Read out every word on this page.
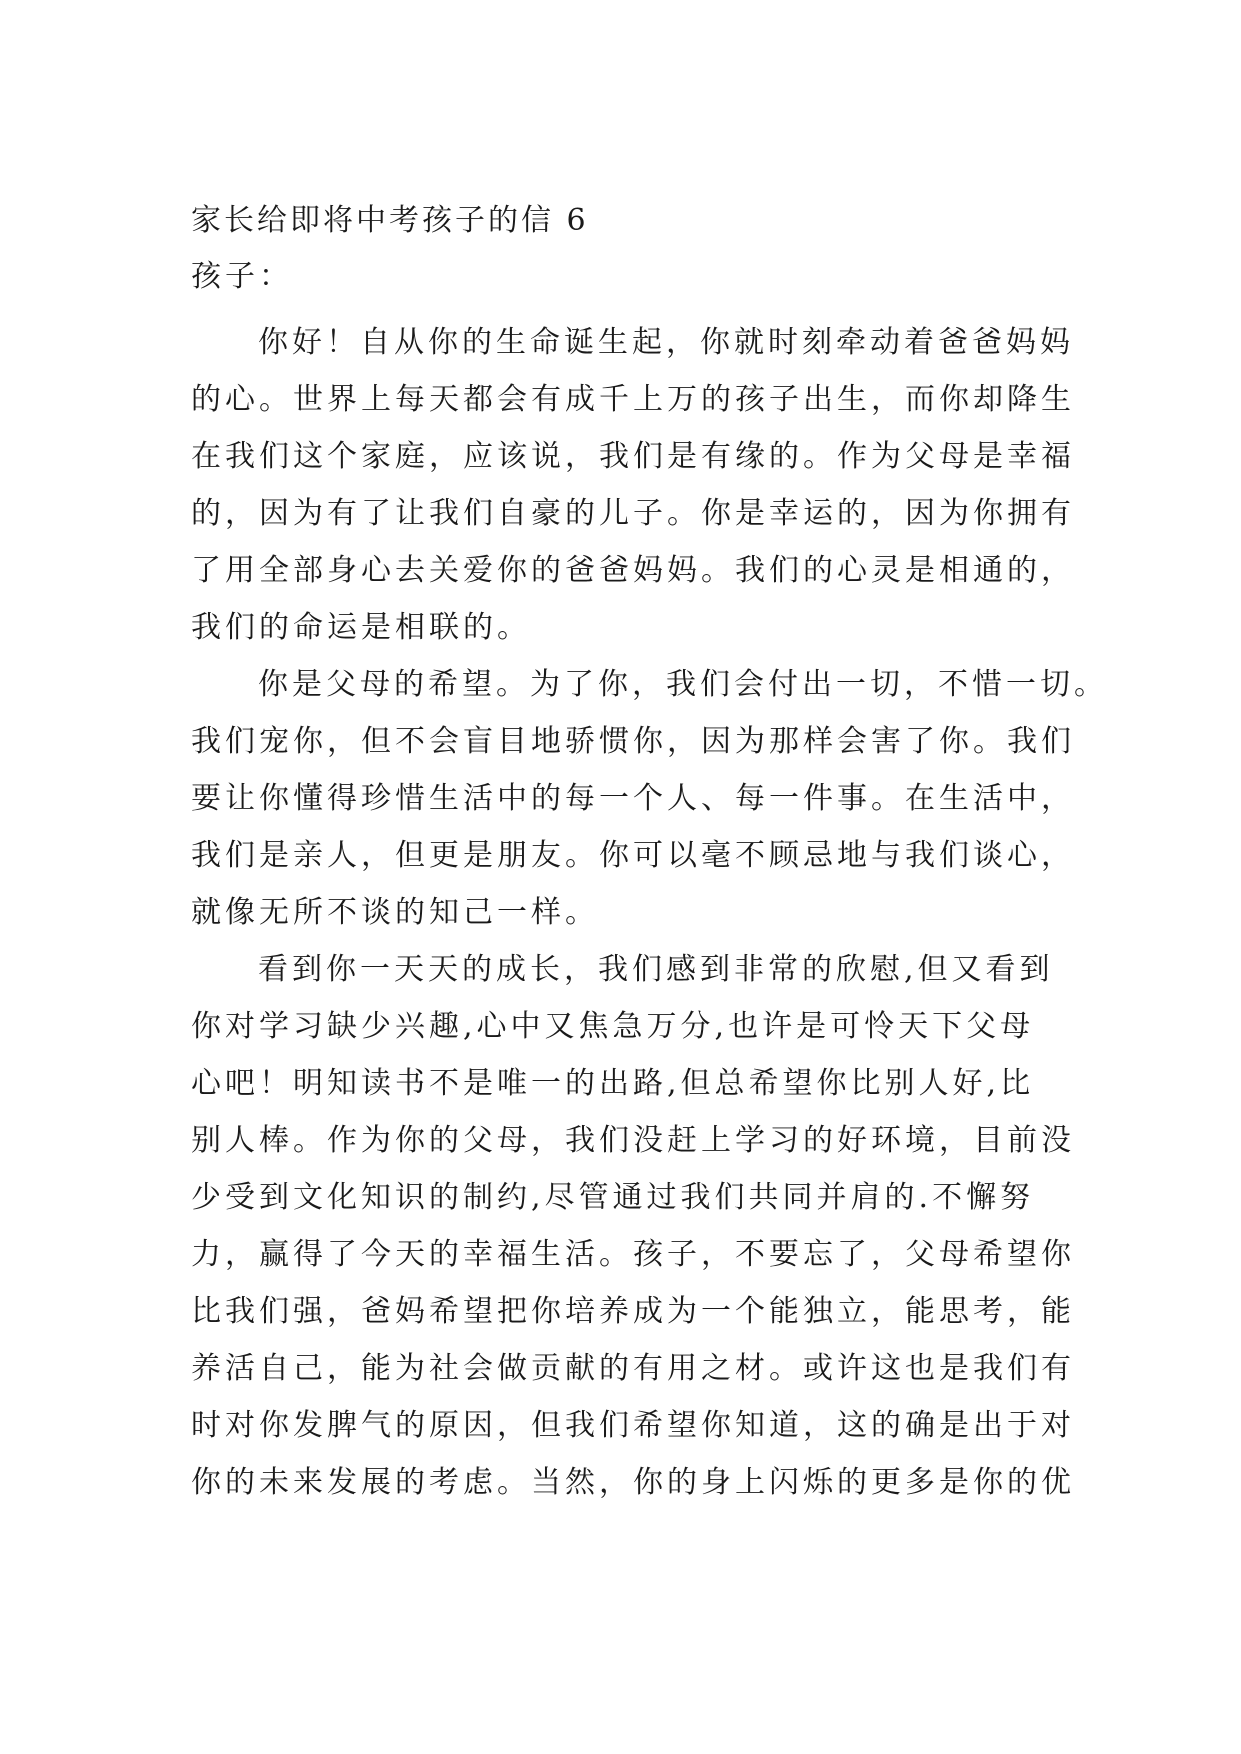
家长给即将中考孩子的信 6
孩子：
你好！自从你的生命诞生起，你就时刻牵动着爸爸妈妈
的心。世界上每天都会有成千上万的孩子出生，而你却降生
在我们这个家庭，应该说，我们是有缘的。作为父母是幸福
的，因为有了让我们自豪的儿子。你是幸运的，因为你拥有
了用全部身心去关爱你的爸爸妈妈。我们的心灵是相通的，
我们的命运是相联的。
你是父母的希望。为了你，我们会付出一切，不惜一切。
我们宠你，但不会盲目地骄惯你，因为那样会害了你。我们
要让你懂得珍惜生活中的每一个人、每一件事。在生活中，
我们是亲人，但更是朋友。你可以毫不顾忌地与我们谈心，
就像无所不谈的知己一样。
看到你一天天的成长，我们感到非常的欣慰,但又看到
你对学习缺少兴趣,心中又焦急万分,也许是可怜天下父母
心吧！明知读书不是唯一的出路,但总希望你比别人好,比
别人棒。作为你的父母，我们没赶上学习的好环境，目前没
少受到文化知识的制约,尽管通过我们共同并肩的.不懈努
力，赢得了今天的幸福生活。孩子，不要忘了，父母希望你
比我们强，爸妈希望把你培养成为一个能独立，能思考，能
养活自己，能为社会做贡献的有用之材。或许这也是我们有
时对你发脾气的原因，但我们希望你知道，这的确是出于对
你的未来发展的考虑。当然，你的身上闪烁的更多是你的优
